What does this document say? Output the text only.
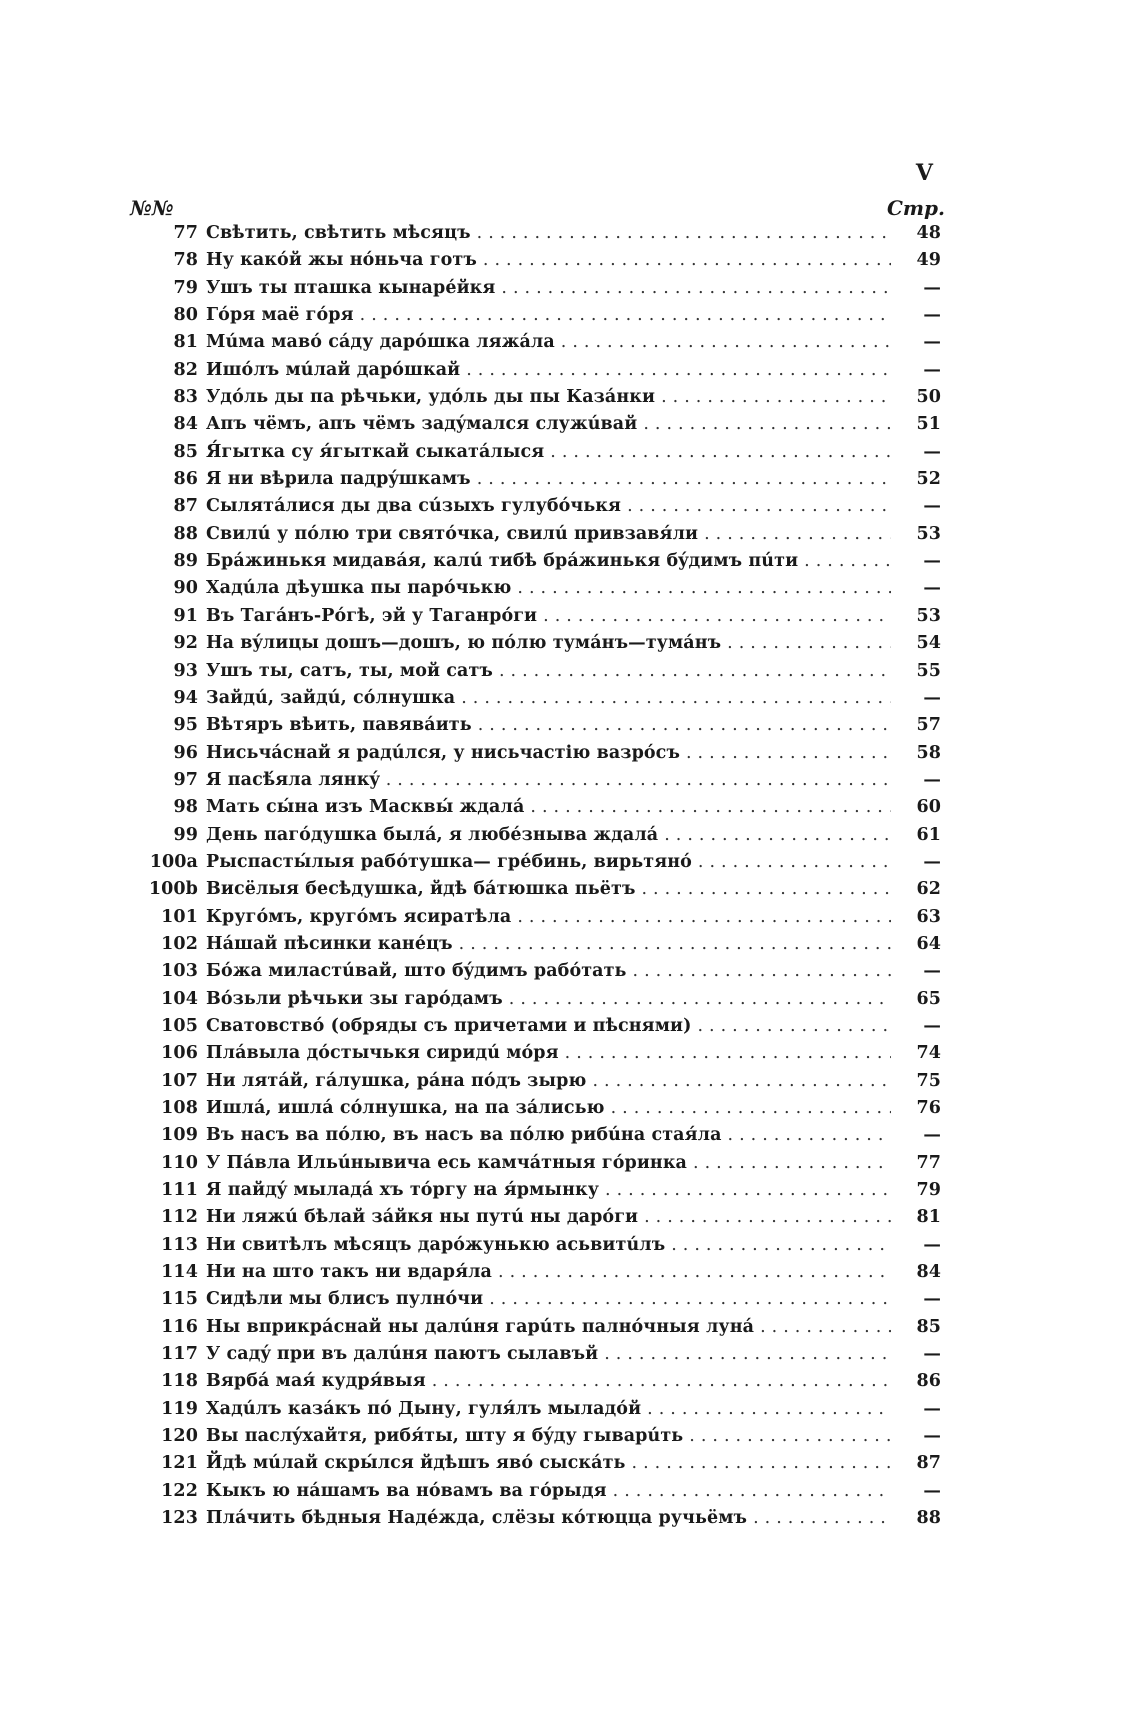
V
№№	Стр.
77 Свѣтить, свѣтить мѣсяцъ .....	48
78 Ну какóй жы нóньча готъ .....	49
79 Ушъ ты пташка кынарéйкя .....	—
80 Гóря маё гóря .....	—
81 Мúма мавó сáду дарóшка ляжáла .....	—
82 Ишóлъ мúлай дарóшкай .....	—
83 Удóль ды па рѣчьки, удóль ды пы Казáнки .....	50
84 Апъ чёмъ, апъ чёмъ задýмался служúвай .....	51
85 Я́гытка су я́гыткай сыкатáлыся .....	—
86 Я ни вѣрила падрýшкамъ .....	52
87 Сылятáлися ды два сúзыхъ гулубóчькя .....	—
88 Свилú у пóлю три святóчка, свилú привзавя́ли .....	53
89 Брáжинькя мидавáя, калú тибѣ брáжинькя бýдимъ пúти .....	—
90 Хадúла дѣушка пы парóчькю .....	—
91 Въ Тагáнъ-Рóгѣ, эй у Таганрóги .....	53
92 На вýлицы дошъ—дошъ, ю пóлю тумáнъ—тумáнъ .....	54
93 Ушъ ты, сатъ, ты, мой сатъ .....	55
94 Зайдú, зайдú, сóлнушка .....	—
95 Вѣтяръ вѣить, павявáить .....	57
96 Нисьчáснай я радúлся, у нисьчастію вазрóсъ .....	58
97 Я пасѣ́яла лянкý .....	—
98 Мать сы́на изъ Масквы́ ждалá .....	60
99 День пагóдушка былá, я любéзныва ждалá .....	61
100a Рыспасты́лыя рабóтушка— грéбинь, вирьтянó .....	—
100b Висёлыя бесѣдушка, йдѣ бáтюшка пьётъ .....	62
101 Кругóмъ, кругóмъ ясиратѣла .....	63
102 Нáшай пѣсинки канéцъ .....	64
103 Бóжа миластúвай, што бýдимъ рабóтать .....	—
104 Вóзьли рѣчьки зы гарóдамъ .....	65
105 Сватовствó (обряды съ причетами и пѣснями) .....	—
106 Плáвыла дóстычькя сиридú мóря .....	74
107 Ни лятáй, гáлушка, рáна пóдъ зырю .....	75
108 Ишлá, ишлá сóлнушка, на па зáлисью .....	76
109 Въ насъ ва пóлю, въ насъ ва пóлю рибúна стая́ла .....	—
110 У Пáвла Ильúнывича есь камчáтныя гóринка .....	77
111 Я пайдý мыладá хъ тóргу на я́рмынку .....	79
112 Ни ляжú бѣлай зáйкя ны путú ны дарóги .....	81
113 Ни свитѣлъ мѣсяцъ дарóжунькю асьвитúлъ .....	—
114 Ни на што такъ ни вдаря́ла .....	84
115 Сидѣли мы блисъ пулнóчи .....	—
116 Ны вприкрáснай ны далúня гарúть палнóчныя лунá .....	85
117 У садý при въ далúня паютъ сылавъй .....	—
118 Вярбá мая́ кудря́выя .....	86
119 Хадúлъ казáкъ пó Дыну, гуля́лъ мыладóй .....	—
120 Вы паслýхайтя, рибя́ты, шту я бýду гыварúть .....	—
121 Йдѣ мúлай скры́лся йдѣшъ явó сыскáть .....	87
122 Кыкъ ю нáшамъ ва нóвамъ ва гóрыдя .....	—
123 Плáчить бѣдныя Надéжда, слёзы кóтюцца ручьёмъ .....	88
